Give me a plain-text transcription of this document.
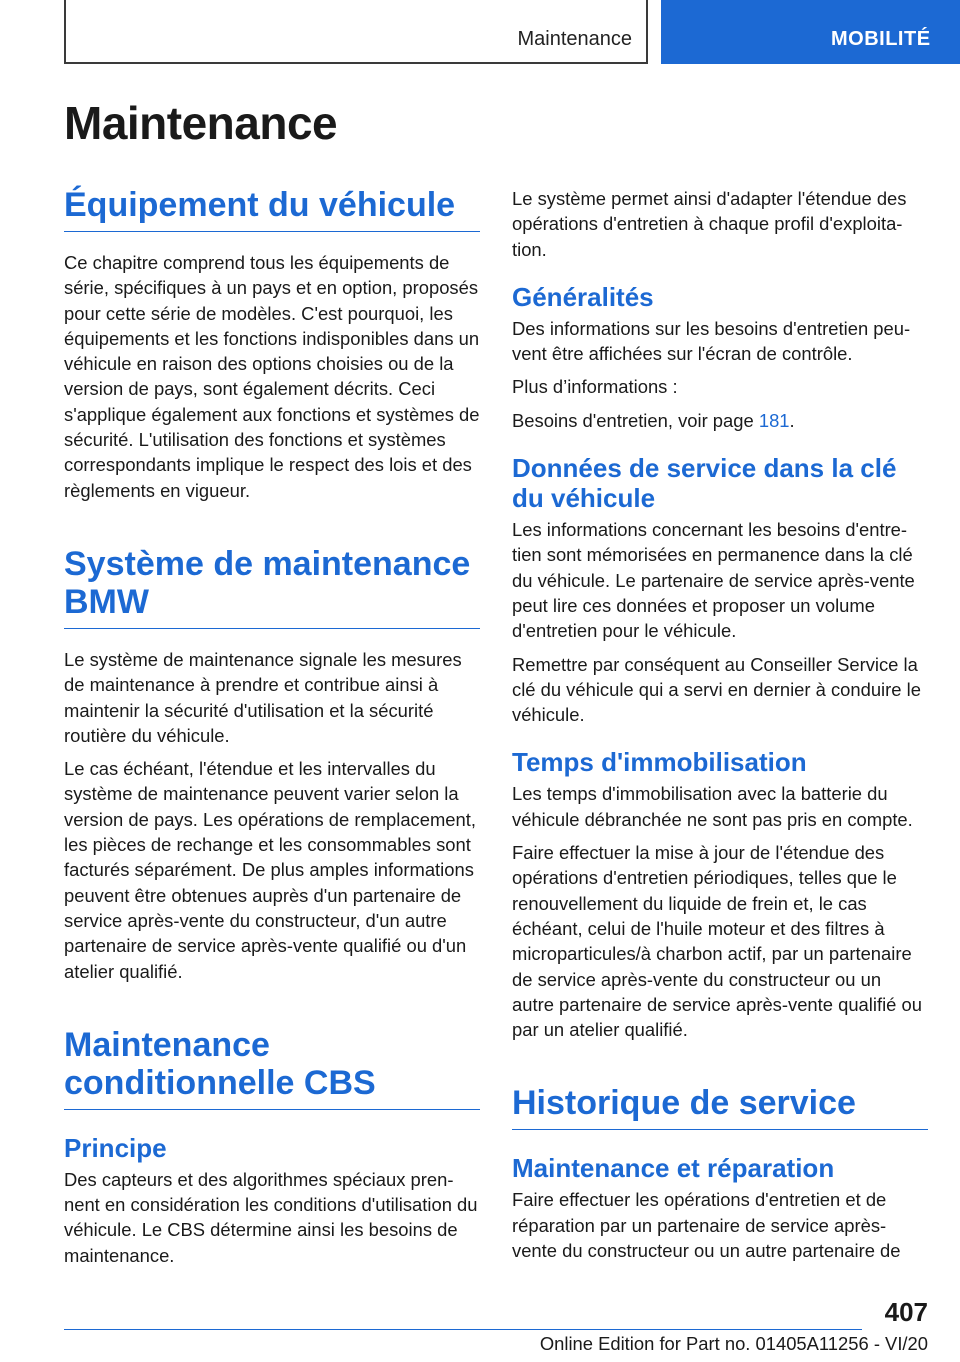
Maintenance	MOBILITÉ
Maintenance
Équipement du véhicule

Ce chapitre comprend tous les équipements de série, spécifiques à un pays et en option, proposés pour cette série de modèles. C'est pourquoi, les équipements et les fonctions indisponibles dans un véhicule en raison des options choisies ou de la version de pays, sont également décrits. Ceci s'applique également aux fonctions et systèmes de sécurité. L'utilisation des fonctions et systèmes correspondants implique le respect des lois et des règlements en vigueur.

Système de maintenance BMW

Le système de maintenance signale les mesures de maintenance à prendre et contribue ainsi à maintenir la sécurité d'utilisation et la sécurité routière du véhicule.

Le cas échéant, l'étendue et les intervalles du système de maintenance peuvent varier selon la version de pays. Les opérations de remplacement, les pièces de rechange et les consommables sont facturés séparément. De plus amples informations peuvent être obtenues auprès d'un partenaire de service après-vente du constructeur, d'un autre partenaire de service après-vente qualifié ou d'un atelier qualifié.

Maintenance conditionnelle CBS
Principe

Des capteurs et des algorithmes spéciaux prennent en considération les conditions d'utilisation du véhicule. Le CBS détermine ainsi les besoins de maintenance.

Le système permet ainsi d'adapter l'étendue des opérations d'entretien à chaque profil d'exploitation.

Généralités

Des informations sur les besoins d'entretien peuvent être affichées sur l'écran de contrôle.

Plus d’informations :

Besoins d'entretien, voir page 181.

Données de service dans la clé du véhicule

Les informations concernant les besoins d'entretien sont mémorisées en permanence dans la clé du véhicule. Le partenaire de service après-vente peut lire ces données et proposer un volume d'entretien pour le véhicule.

Remettre par conséquent au Conseiller Service la clé du véhicule qui a servi en dernier à conduire le véhicule.

Temps d'immobilisation

Les temps d'immobilisation avec la batterie du véhicule débranchée ne sont pas pris en compte.

Faire effectuer la mise à jour de l'étendue des opérations d'entretien périodiques, telles que le renouvellement du liquide de frein et, le cas échéant, celui de l'huile moteur et des filtres à microparticules/à charbon actif, par un partenaire de service après-vente du constructeur ou un autre partenaire de service après-vente qualifié ou par un atelier qualifié.

Historique de service
Maintenance et réparation

Faire effectuer les opérations d'entretien et de réparation par un partenaire de service après-vente du constructeur ou un autre partenaire de

407
Online Edition for Part no. 01405A11256 - VI/20
